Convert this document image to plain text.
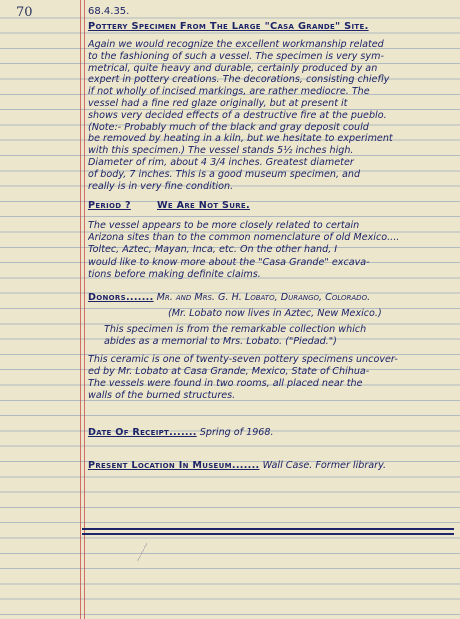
70	68.4.35.
Pottery Specimen From The Large "Casa Grande" Site.
Again we would recognize the excellent workmanship related
to the fashioning of such a vessel. The specimen is very sym-
metrical, quite heavy and durable, certainly produced by an
expert in pottery creations. The decorations, consisting chiefly
if not wholly of incised markings, are rather mediocre. The
vessel had a fine red glaze originally, but at present it
shows very decided effects of a destructive fire at the pueblo.
(Note:- Probably much of the black and gray deposit could
be removed by heating in a kiln, but we hesitate to experiment
with this specimen.) The vessel stands 5½ inches high.
Diameter of rim, about 4 3/4 inches. Greatest diameter
of body, 7 inches. This is a good museum specimen, and
really is in very fine condition.
Period ?	We Are Not Sure.
The vessel appears to be more closely related to certain
Arizona sites than to the common nomenclature of old Mexico....
Toltec, Aztec, Mayan, Inca, etc. On the other hand, I
would like to know more about the "Casa Grande" excava-
tions before making definite claims.
Donors....... Mr. and Mrs. G. H. Lobato, Durango, Colorado.
(Mr. Lobato now lives in Aztec, New Mexico.)
This specimen is from the remarkable collection which
abides as a memorial to Mrs. Lobato. ("Piedad.")
This ceramic is one of twenty-seven pottery specimens uncover-
ed by Mr. Lobato at Casa Grande, Mexico, State of Chihua-
The vessels were found in two rooms, all placed near the
walls of the burned structures.
Date Of Receipt....... Spring of 1968.
Present Location In Museum....... Wall Case. Former library.
⁓⁓⁓
